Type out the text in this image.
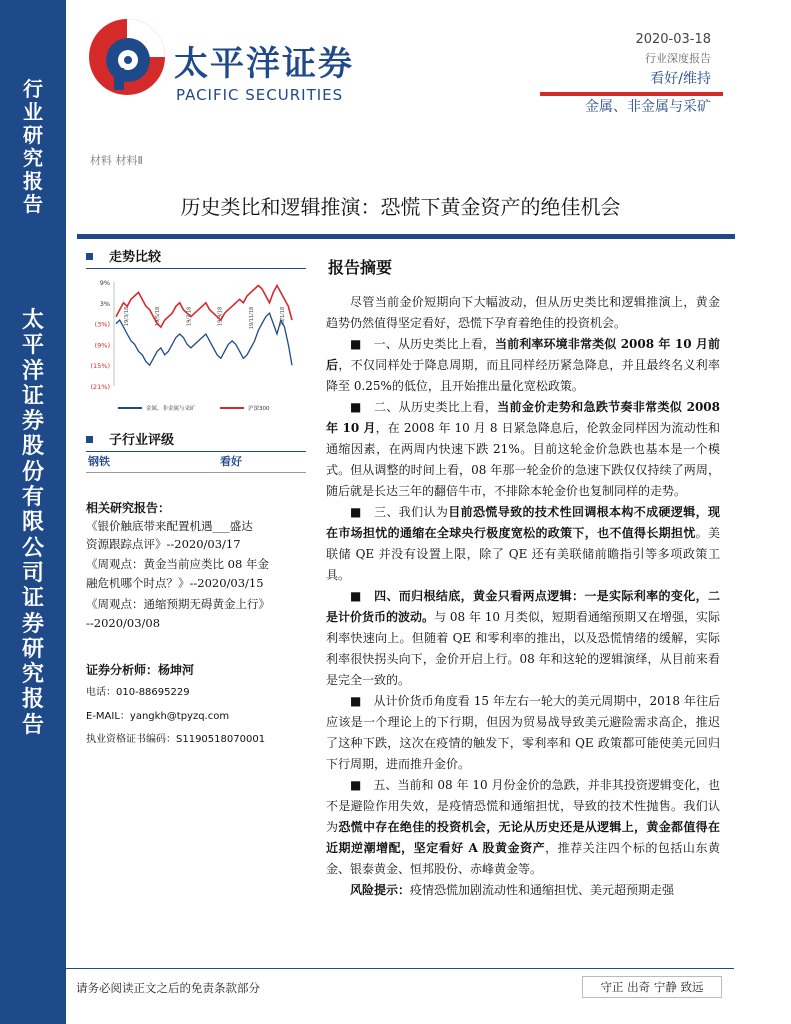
行
业
研
究
报
告
太
平
洋
证
券
股
份
有
限
公
司
证
券
研
究
报
告
太平洋证券
PACIFIC SECURITIES
2020-03-18
行业深度报告
看好/维持
金属、非金属与采矿
材料 材料Ⅱ
历史类比和逻辑推演：恐慌下黄金资产的绝佳机会
走势比较
9%
3%
(3%)
(9%)
(15%)
(21%)
19/3/18	19/5/18	19/7/18	19/9/18	19/11/18	20/1/18
金属、非金属与采矿	沪深300
子行业评级
钢铁	看好
相关研究报告：
《银价触底带来配置机遇___盛达
资源跟踪点评》--2020/03/17
《周观点：黄金当前应类比 08 年金
融危机哪个时点？》--2020/03/15
《周观点：通缩预期无碍黄金上行》
--2020/03/08
证券分析师：杨坤河
电话：010-88695229
E-MAIL：yangkh@tpyzq.com
执业资格证书编码：S1190518070001
报告摘要
尽管当前金价短期向下大幅波动，但从历史类比和逻辑推演上，黄金趋势仍然值得坚定看好，恐慌下孕育着绝佳的投资机会。
■　一、从历史类比上看，当前利率环境非常类似 2008 年 10 月前后，不仅同样处于降息周期，而且同样经历紧急降息，并且最终名义利率降至 0.25%的低位，且开始推出量化宽松政策。
■　二、从历史类比上看，当前金价走势和急跌节奏非常类似 2008 年 10 月，在 2008 年 10 月 8 日紧急降息后，伦敦金同样因为流动性和通缩因素，在两周内快速下跌 21%。目前这轮金价急跌也基本是一个模式。但从调整的时间上看，08 年那一轮金价的急速下跌仅仅持续了两周，随后就是长达三年的翻倍牛市，不排除本轮金价也复制同样的走势。
■　三、我们认为目前恐慌导致的技术性回调根本构不成硬逻辑，现在市场担忧的通缩在全球央行极度宽松的政策下，也不值得长期担忧。美联储 QE 并没有设置上限，除了 QE 还有美联储前瞻指引等多项政策工具。
■　四、而归根结底，黄金只看两点逻辑：一是实际利率的变化，二是计价货币的波动。与 08 年 10 月类似，短期看通缩预期又在增强，实际利率快速向上。但随着 QE 和零利率的推出，以及恐慌情绪的缓解，实际利率很快拐头向下，金价开启上行。08 年和这轮的逻辑演绎，从目前来看是完全一致的。
■　从计价货币角度看 15 年左右一轮大的美元周期中，2018 年往后应该是一个理论上的下行期，但因为贸易战导致美元避险需求高企，推迟了这种下跌，这次在疫情的触发下，零利率和 QE 政策都可能使美元回归下行周期，进而推升金价。
■　五、当前和 08 年 10 月份金价的急跌，并非其投资逻辑变化，也不是避险作用失效，是疫情恐慌和通缩担忧，导致的技术性抛售。我们认为恐慌中存在绝佳的投资机会，无论从历史还是从逻辑上，黄金都值得在近期逆潮增配，坚定看好 A 股黄金资产，推荐关注四个标的包括山东黄金、银泰黄金、恒邦股份、赤峰黄金等。
风险提示：疫情恐慌加剧流动性和通缩担忧、美元超预期走强
请务必阅读正文之后的免责条款部分	守正 出奇 宁静 致远
